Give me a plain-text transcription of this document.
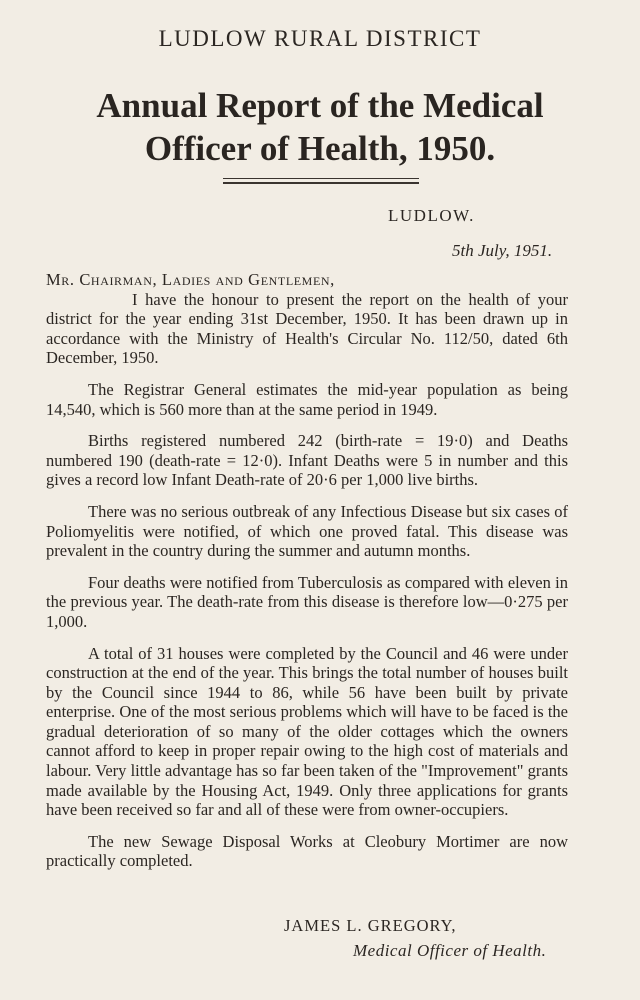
LUDLOW RURAL DISTRICT
Annual Report of the Medical
Officer of Health, 1950.
LUDLOW.
5th July, 1951.

Mr. Chairman, Ladies and Gentlemen,

I have the honour to present the report on the health of your district for the year ending 31st December, 1950. It has been drawn up in accordance with the Ministry of Health's Circular No. 112/50, dated 6th December, 1950.

The Registrar General estimates the mid-year population as being 14,540, which is 560 more than at the same period in 1949.

Births registered numbered 242 (birth-rate = 19·0) and Deaths numbered 190 (death-rate = 12·0). Infant Deaths were 5 in number and this gives a record low Infant Death-rate of 20·6 per 1,000 live births.

There was no serious outbreak of any Infectious Disease but six cases of Poliomyelitis were notified, of which one proved fatal. This disease was prevalent in the country during the summer and autumn months.

Four deaths were notified from Tuberculosis as compared with eleven in the previous year. The death-rate from this disease is therefore low—0·275 per 1,000.

A total of 31 houses were completed by the Council and 46 were under construction at the end of the year. This brings the total number of houses built by the Council since 1944 to 86, while 56 have been built by private enterprise. One of the most serious problems which will have to be faced is the gradual deterioration of so many of the older cottages which the owners cannot afford to keep in proper repair owing to the high cost of materials and labour. Very little advantage has so far been taken of the "Improvement" grants made available by the Housing Act, 1949. Only three applications for grants have been received so far and all of these were from owner-occupiers.

The new Sewage Disposal Works at Cleobury Mortimer are now practically completed.

JAMES L. GREGORY,
Medical Officer of Health.
